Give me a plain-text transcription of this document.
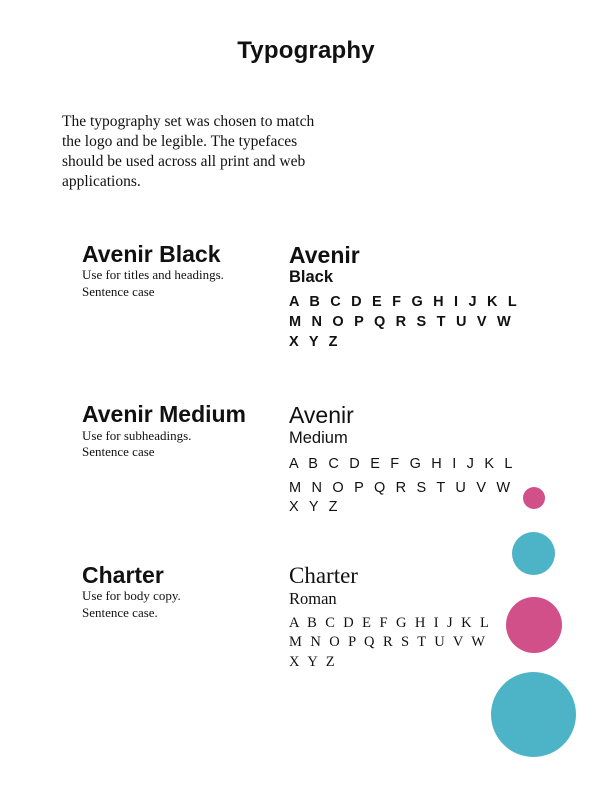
Typography

The typography set was chosen to match the logo and be legible. The typefaces should be used across all print and web applications.

Avenir Black
Use for titles and headings.
Sentence case
Avenir
Black
A B C D E F G H I J K L
M N O P Q R S T U V W
X Y Z
Avenir Medium
Use for subheadings.
Sentence case
Avenir
Medium
A B C D E F G H I J K L
M N O P Q R S T U V W
X Y Z
Charter
Use for body copy.
Sentence case.
Charter
Roman
A B C D E F G H I J K L
M N O P Q R S T U V W
X Y Z
